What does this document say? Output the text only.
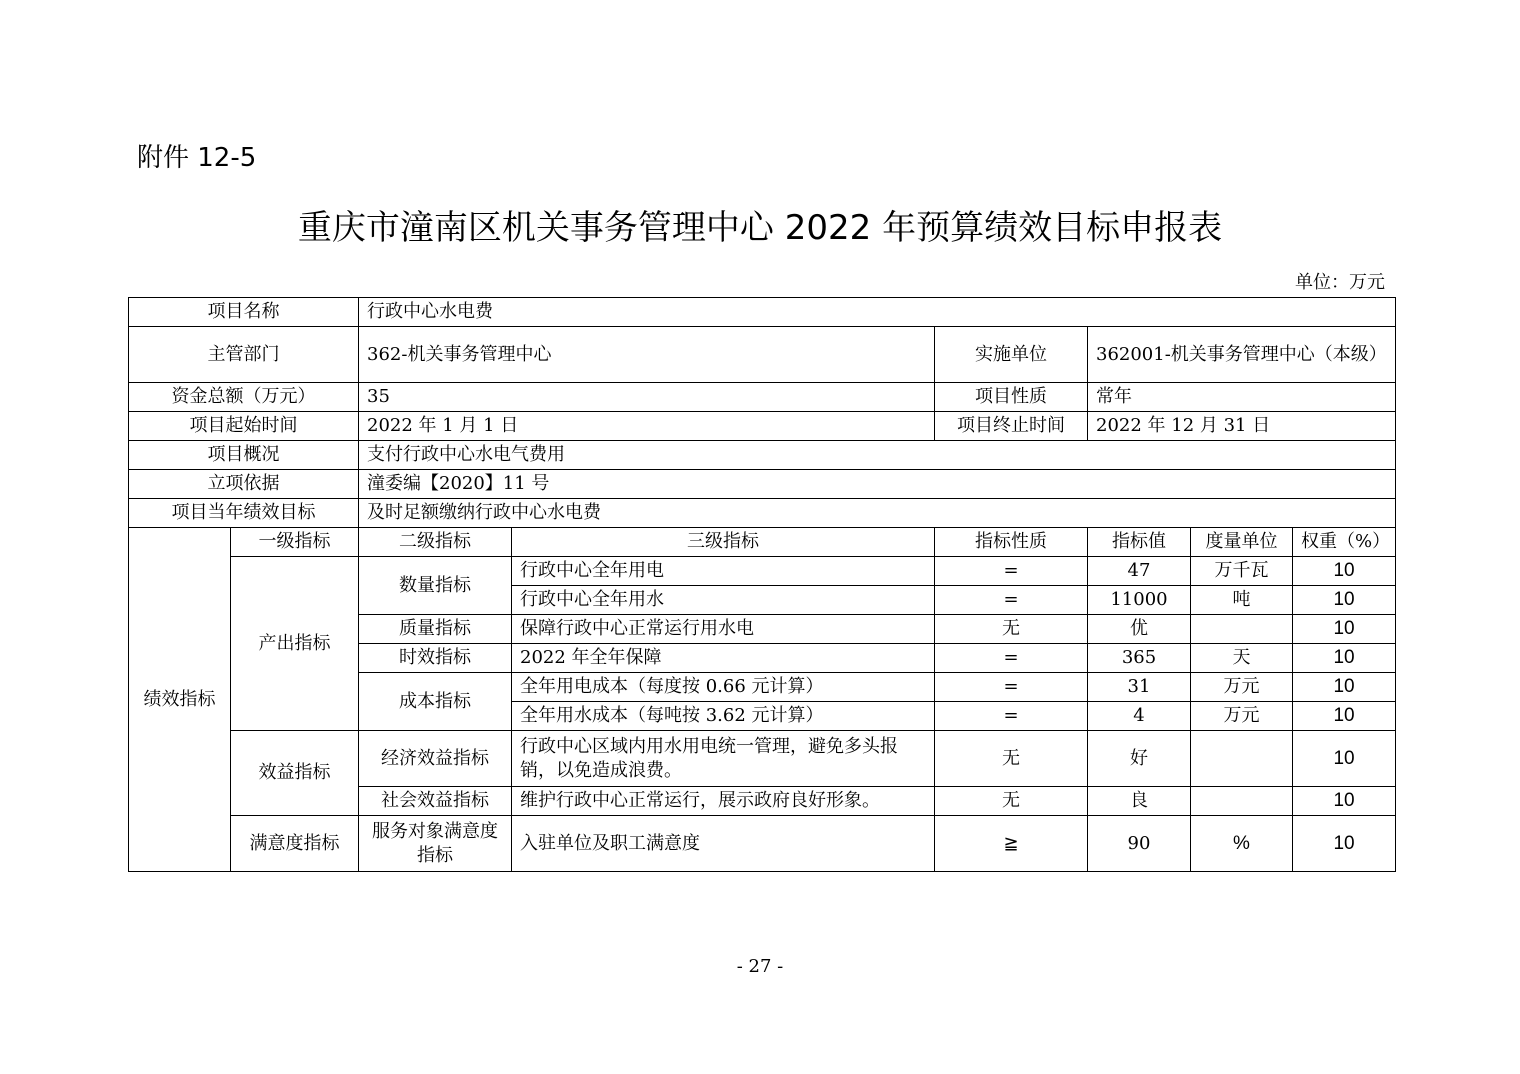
附件 12-5
重庆市潼南区机关事务管理中心 2022 年预算绩效目标申报表
单位：万元
项目名称		行政中心水电费					
主管部门		362-机关事务管理中心		实施单位	362001-机关事务管理中心（本级）		
资金总额（万元）		35		项目性质	常年		
项目起始时间		2022 年 1 月 1 日		项目终止时间	2022 年 12 月 31 日		
项目概况		支付行政中心水电气费用					
立项依据		潼委编【2020】11 号					
项目当年绩效目标		及时足额缴纳行政中心水电费					
绩效指标	一级指标	二级指标	三级指标	指标性质	指标值	度量单位	权重（%）
	产出指标	数量指标	行政中心全年用电	=	47	万千瓦	10
			行政中心全年用水	=	11000	吨	10
		质量指标	保障行政中心正常运行用水电	无	优		10
		时效指标	2022 年全年保障	=	365	天	10
		成本指标	全年用电成本（每度按 0.66 元计算）	=	31	万元	10
			全年用水成本（每吨按 3.62 元计算）	=	4	万元	10
	效益指标	经济效益指标	行政中心区域内用水用电统一管理，避免多头报销，以免造成浪费。	无	好		10
		社会效益指标	维护行政中心正常运行，展示政府良好形象。	无	良		10
	满意度指标	服务对象满意度指标	入驻单位及职工满意度	≧	90	%	10
- 27 -
